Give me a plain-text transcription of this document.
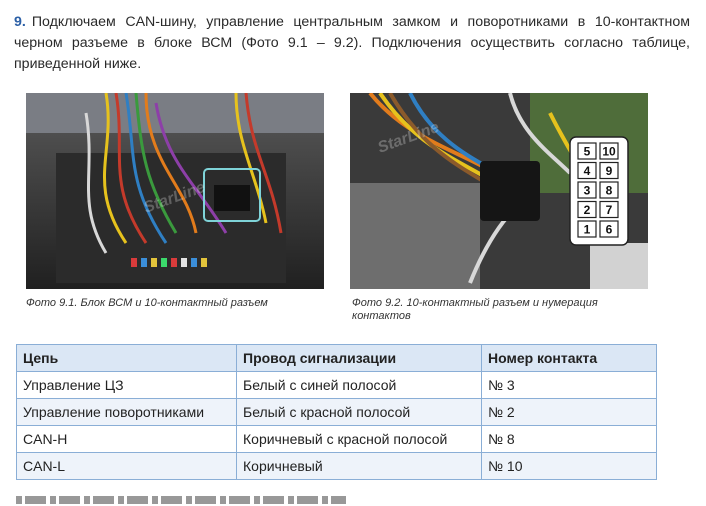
9. Подключаем CAN-шину, управление центральным замком и поворотниками в 10-контактном черном разъеме в блоке ВСМ (Фото 9.1 – 9.2). Подключения осуществить согласно таблице, приведенной ниже.
StarLine
StarLine	5 10
4 9
3 8
2 7
1 6
Фото 9.1. Блок ВСМ и 10-контактный разъем	Фото 9.2. 10-контактный разъем и нумерация контактов
Цепь	Провод сигнализации	Номер контакта
Управление ЦЗ	Белый с синей полосой	№ 3
Управление поворотниками	Белый с красной полосой	№ 2
CAN-H	Коричневый с красной полосой	№ 8
CAN-L	Коричневый	№ 10
